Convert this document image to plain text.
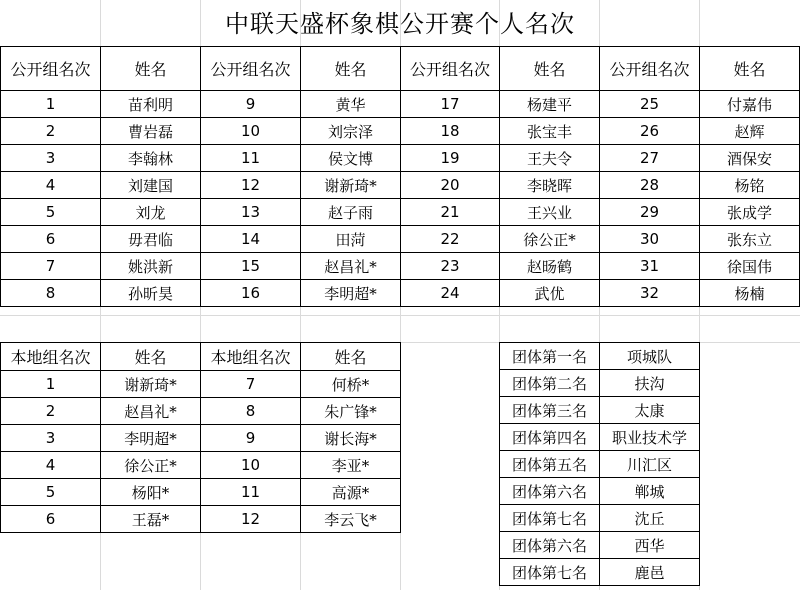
中联天盛杯象棋公开赛个人名次
公开组名次	姓名	公开组名次	姓名	公开组名次	姓名	公开组名次	姓名
1	苗利明	9	黄华	17	杨建平	25	付嘉伟
2	曹岩磊	10	刘宗泽	18	张宝丰	26	赵辉
3	李翰林	11	侯文博	19	王夫令	27	酒保安
4	刘建国	12	谢新琦*	20	李晓晖	28	杨铭
5	刘龙	13	赵子雨	21	王兴业	29	张成学
6	毋君临	14	田菏	22	徐公正*	30	张东立
7	姚洪新	15	赵昌礼*	23	赵旸鹤	31	徐国伟
8	孙昕昊	16	李明超*	24	武优	32	杨楠
本地组名次	姓名	本地组名次	姓名
1	谢新琦*	7	何桥*
2	赵昌礼*	8	朱广锋*
3	李明超*	9	谢长海*
4	徐公正*	10	李亚*
5	杨阳*	11	高源*
6	王磊*	12	李云飞*
团体第一名	项城队
团体第二名	扶沟
团体第三名	太康
团体第四名	职业技术学
团体第五名	川汇区
团体第六名	郸城
团体第七名	沈丘
团体第六名	西华
团体第七名	鹿邑
